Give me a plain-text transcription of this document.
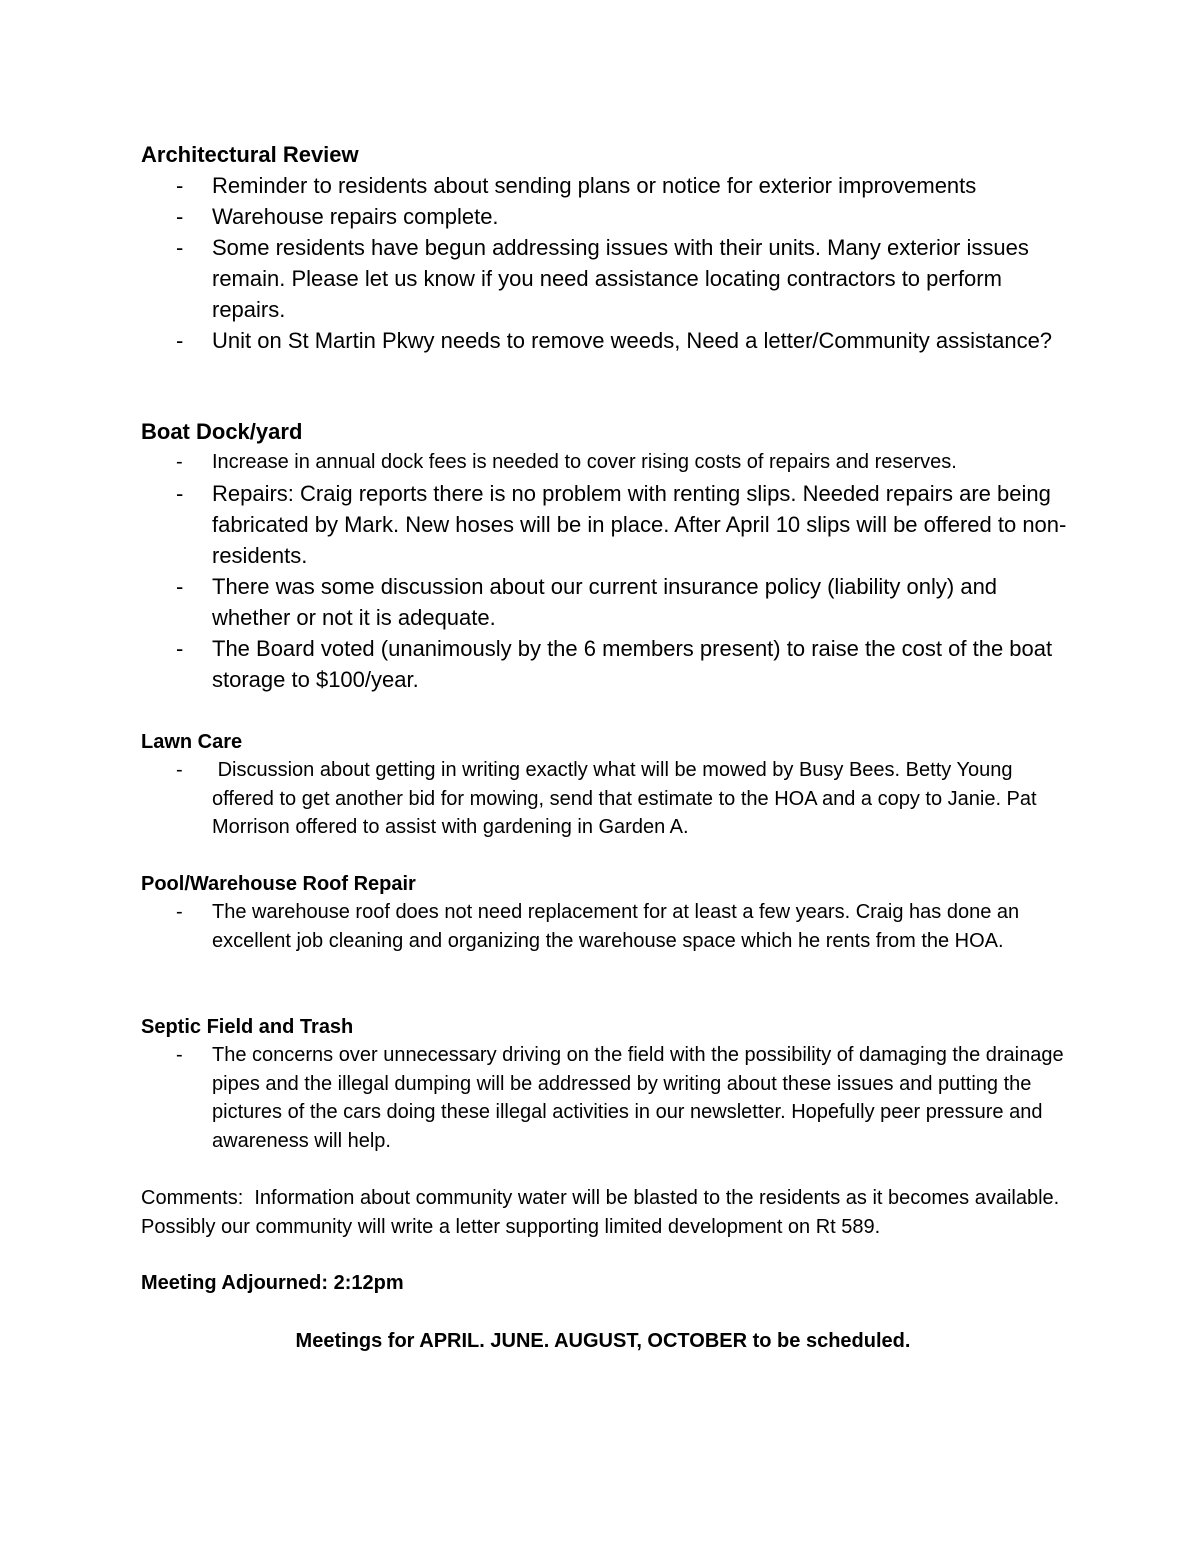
Architectural Review
- Reminder to residents about sending plans or notice for exterior improvements
- Warehouse repairs complete.
- Some residents have begun addressing issues with their units. Many exterior issues remain. Please let us know if you need assistance locating contractors to perform repairs.
- Unit on St Martin Pkwy needs to remove weeds, Need a letter/Community assistance?
Boat Dock/yard
- Increase in annual dock fees is needed to cover rising costs of repairs and reserves.
- Repairs: Craig reports there is no problem with renting slips. Needed repairs are being fabricated by Mark. New hoses will be in place. After April 10 slips will be offered to non-residents.
- There was some discussion about our current insurance policy (liability only) and whether or not it is adequate.
- The Board voted (unanimously by the 6 members present) to raise the cost of the boat storage to $100/year.
Lawn Care
- Discussion about getting in writing exactly what will be mowed by Busy Bees. Betty Young  offered to get another bid for mowing, send that estimate to the HOA and a copy to Janie. Pat Morrison offered to assist with gardening in Garden A.
Pool/Warehouse Roof Repair
- The warehouse roof does not need replacement for at least a few years. Craig has done an excellent job cleaning and organizing the warehouse space which he rents from the HOA.
Septic Field and Trash
- The concerns over unnecessary driving on the field with the possibility of damaging the drainage pipes and the illegal dumping will be addressed by writing about these issues and putting the pictures of the cars doing these illegal activities in our newsletter. Hopefully peer pressure and awareness will help.

Comments:  Information about community water will be blasted to the residents as it becomes available. Possibly our community will write a letter supporting limited development on Rt 589.

Meeting Adjourned: 2:12pm
Meetings for APRIL. JUNE. AUGUST, OCTOBER to be scheduled.
